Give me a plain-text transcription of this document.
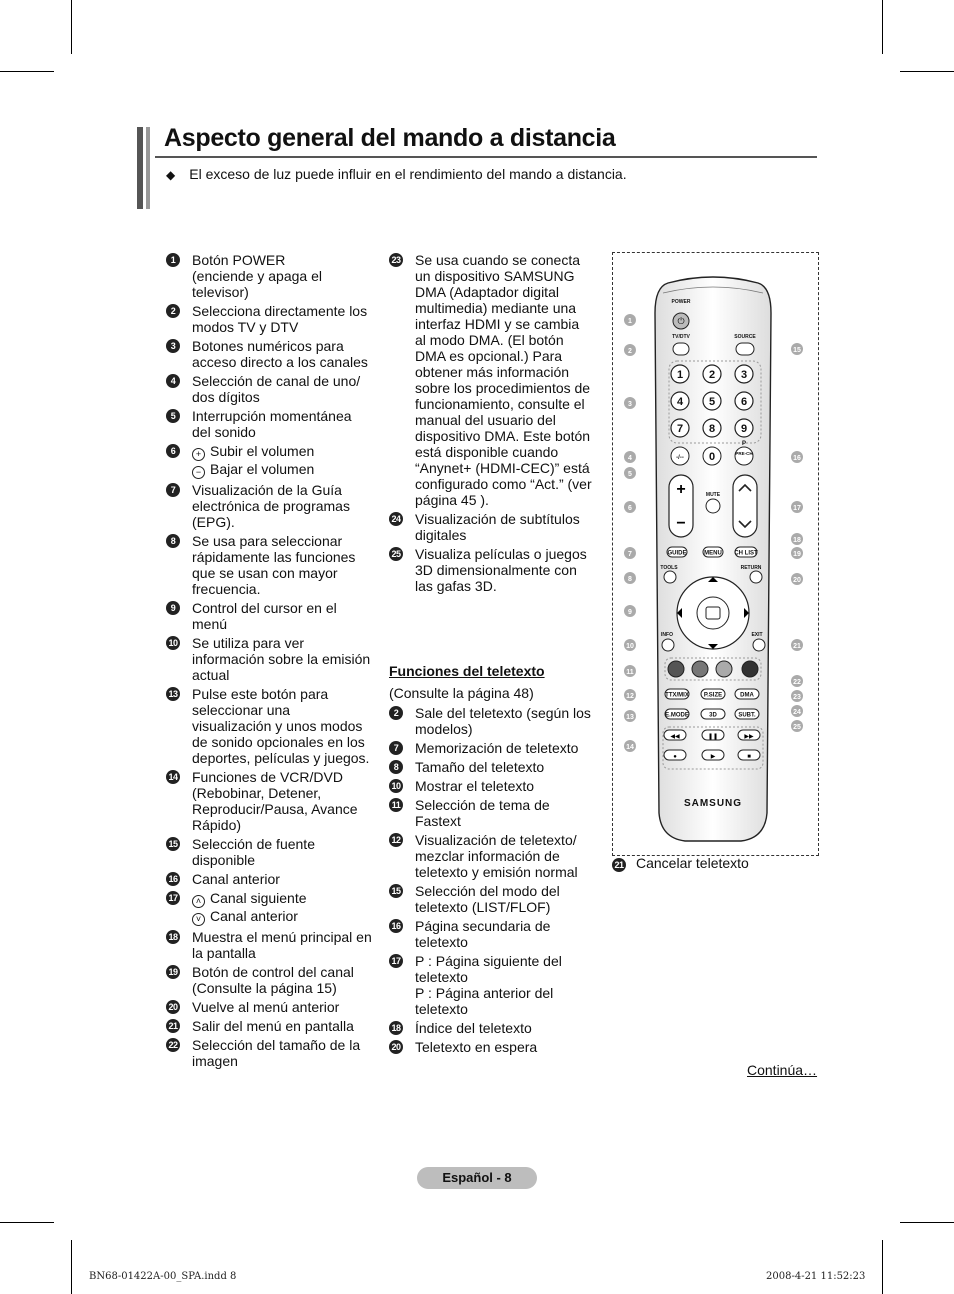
Aspecto general del mando a distancia
◆ El exceso de luz puede influir en el rendimiento del mando a distancia.
1	Botón POWER
(enciende y apaga el televisor)
2	Selecciona directamente los modos TV y DTV
3	Botones numéricos para acceso directo a los canales
4	Selección de canal de uno/ dos dígitos
5	Interrupción momentánea del sonido
6	+ Subir el volumen
− Bajar el volumen
7	Visualización de la Guía electrónica de programas (EPG).
8	Se usa para seleccionar rápidamente las funciones que se usan con mayor frecuencia.
9	Control del cursor en el menú
10 Se utiliza para ver información sobre la emisión actual
13 Pulse este botón para seleccionar una visualización y unos modos de sonido opcionales en los deportes, películas y juegos.
14 Funciones de VCR/DVD (Rebobinar, Detener, Reproducir/Pausa, Avance Rápido)
15 Selección de fuente disponible
16 Canal anterior
17	˄ Canal siguiente
˅ Canal anterior
18 Muestra el menú principal en la pantalla
19 Botón de control del canal (Consulte la página 15)
20 Vuelve al menú anterior
21 Salir del menú en pantalla
22 Selección del tamaño de la imagen
23 Se usa cuando se conecta un dispositivo SAMSUNG DMA (Adaptador digital multimedia) mediante una interfaz HDMI y se cambia al modo DMA. (El botón DMA es opcional.) Para obtener más información sobre los procedimientos de funcionamiento, consulte el manual del usuario del dispositivo DMA. Este botón está disponible cuando “Anynet+ (HDMI-CEC)” está configurado como “Act.” (ver página 45 ).
24 Visualización de subtítulos digitales
25 Visualiza películas o juegos 3D dimensionalmente con las gafas 3D.
Funciones del teletexto
(Consulte la página 48)
2	Sale del teletexto (según los modelos)
7	Memorización de teletexto
8	Tamaño del teletexto
10 Mostrar el teletexto
11 Selección de tema de Fastext
12 Visualización de teletexto/ mezclar información de teletexto y emisión normal
15 Selección del modo del teletexto (LIST/FLOF)
16 Página secundaria de teletexto
17 P : Página siguiente del teletexto
P : Página anterior del teletexto
18 Índice del teletexto
20 Teletexto en espera
POWER
⏻
TV/DTV	SOURCE
1 2 3
4 5 6
7 8 9
-/-- 0
P
PRE-CH
+
−
MUTE
GUIDE	MENU CH LIST
TOOLS	RETURN
INFO	EXIT
TTX/MIX	P.SIZE	DMA
E.MODE	3D	SUBT.
◀◀	❚❚	▶▶
●	▶	■
SAMSUNG
1
2
3
4
5
6
7
8
9
10
11
12
13
14
15
16
17
18
19
20
21
22
23
24
25
21 Cancelar teletexto
Continúa…
Español - 8
BN68-01422A-00_SPA.indd 8	2008-4-21 11:52:23
